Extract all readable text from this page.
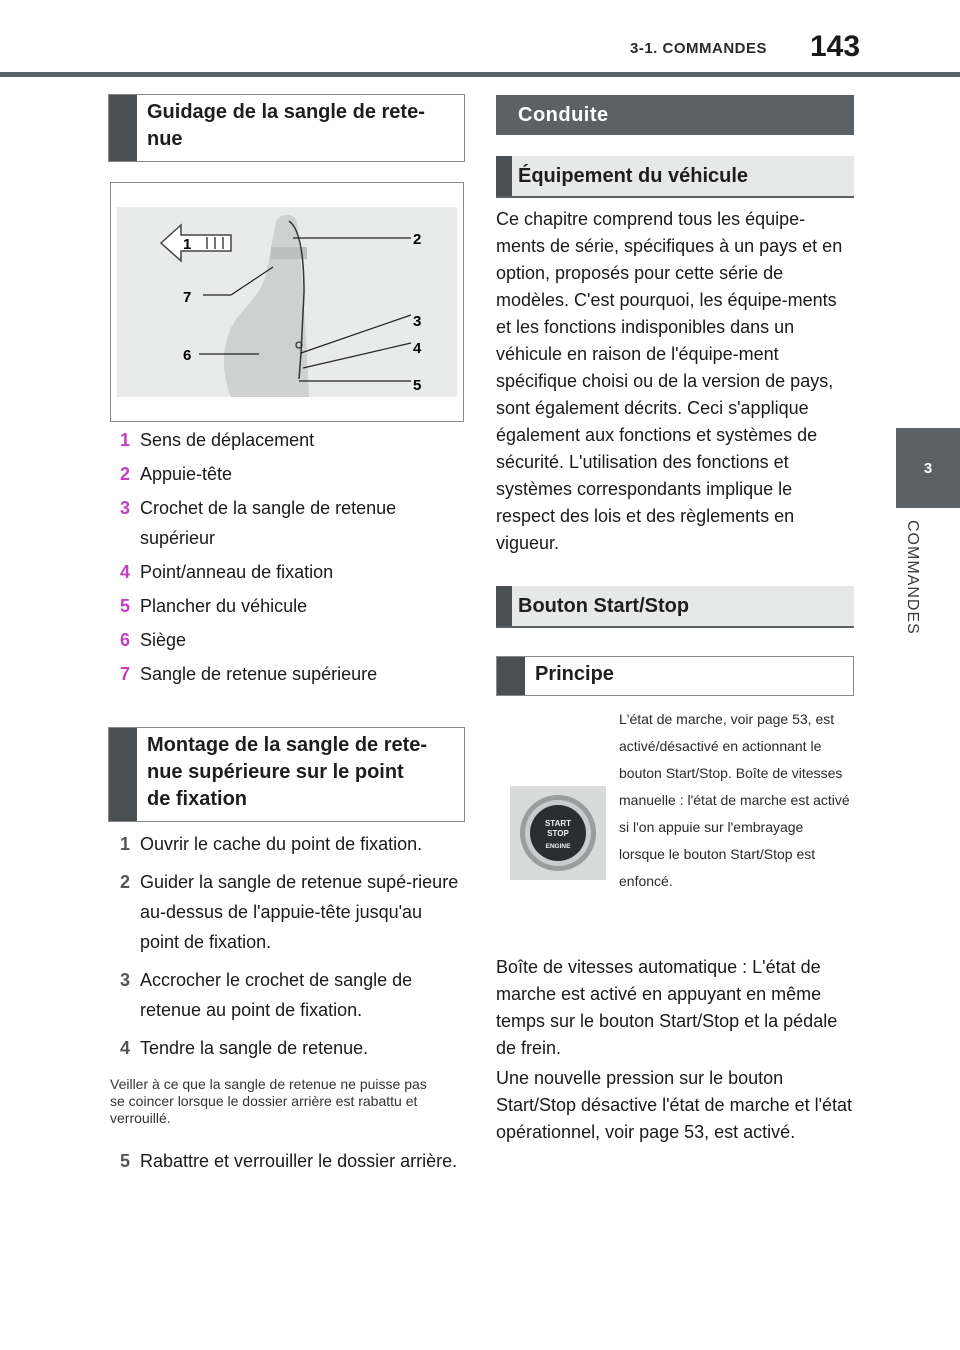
3-1. COMMANDES 143
3
COMMANDES
Guidage de la sangle de rete-
nue
1	2
3
4
5
6
7
1 Sens de déplacement
2 Appuie-tête
3 Crochet de la sangle de retenue supérieur
4 Point/anneau de fixation
5 Plancher du véhicule
6 Siège
7 Sangle de retenue supérieure
Montage de la sangle de rete-
nue supérieure sur le point
de fixation
1 Ouvrir le cache du point de fixation.
2 Guider la sangle de retenue supé-rieure au-dessus de l'appuie-tête jusqu'au point de fixation.
3 Accrocher le crochet de sangle de retenue au point de fixation.
4 Tendre la sangle de retenue.
Veiller à ce que la sangle de retenue ne puisse pas se coincer lorsque le dossier arrière est rabattu et verrouillé.
5 Rabattre et verrouiller le dossier arrière.
Conduite
Équipement du véhicule
Ce chapitre comprend tous les équipe-ments de série, spécifiques à un pays et en option, proposés pour cette série de modèles. C'est pourquoi, les équipe-ments et les fonctions indisponibles dans un véhicule en raison de l'équipe-ment spécifique choisi ou de la version de pays, sont également décrits. Ceci s'applique également aux fonctions et systèmes de sécurité. L'utilisation des fonctions et systèmes correspondants implique le respect des lois et des règlements en vigueur.
Bouton Start/Stop
Principe
START
STOP
ENGINE
L'état de marche, voir page 53, est activé/désactivé en actionnant le bouton Start/Stop. Boîte de vitesses manuelle : l'état de marche est activé si l'on appuie sur l'embrayage lorsque le bouton Start/Stop est enfoncé.
Boîte de vitesses automatique : L'état de marche est activé en appuyant en même temps sur le bouton Start/Stop et la pédale de frein.
Une nouvelle pression sur le bouton Start/Stop désactive l'état de marche et l'état opérationnel, voir page 53, est activé.
